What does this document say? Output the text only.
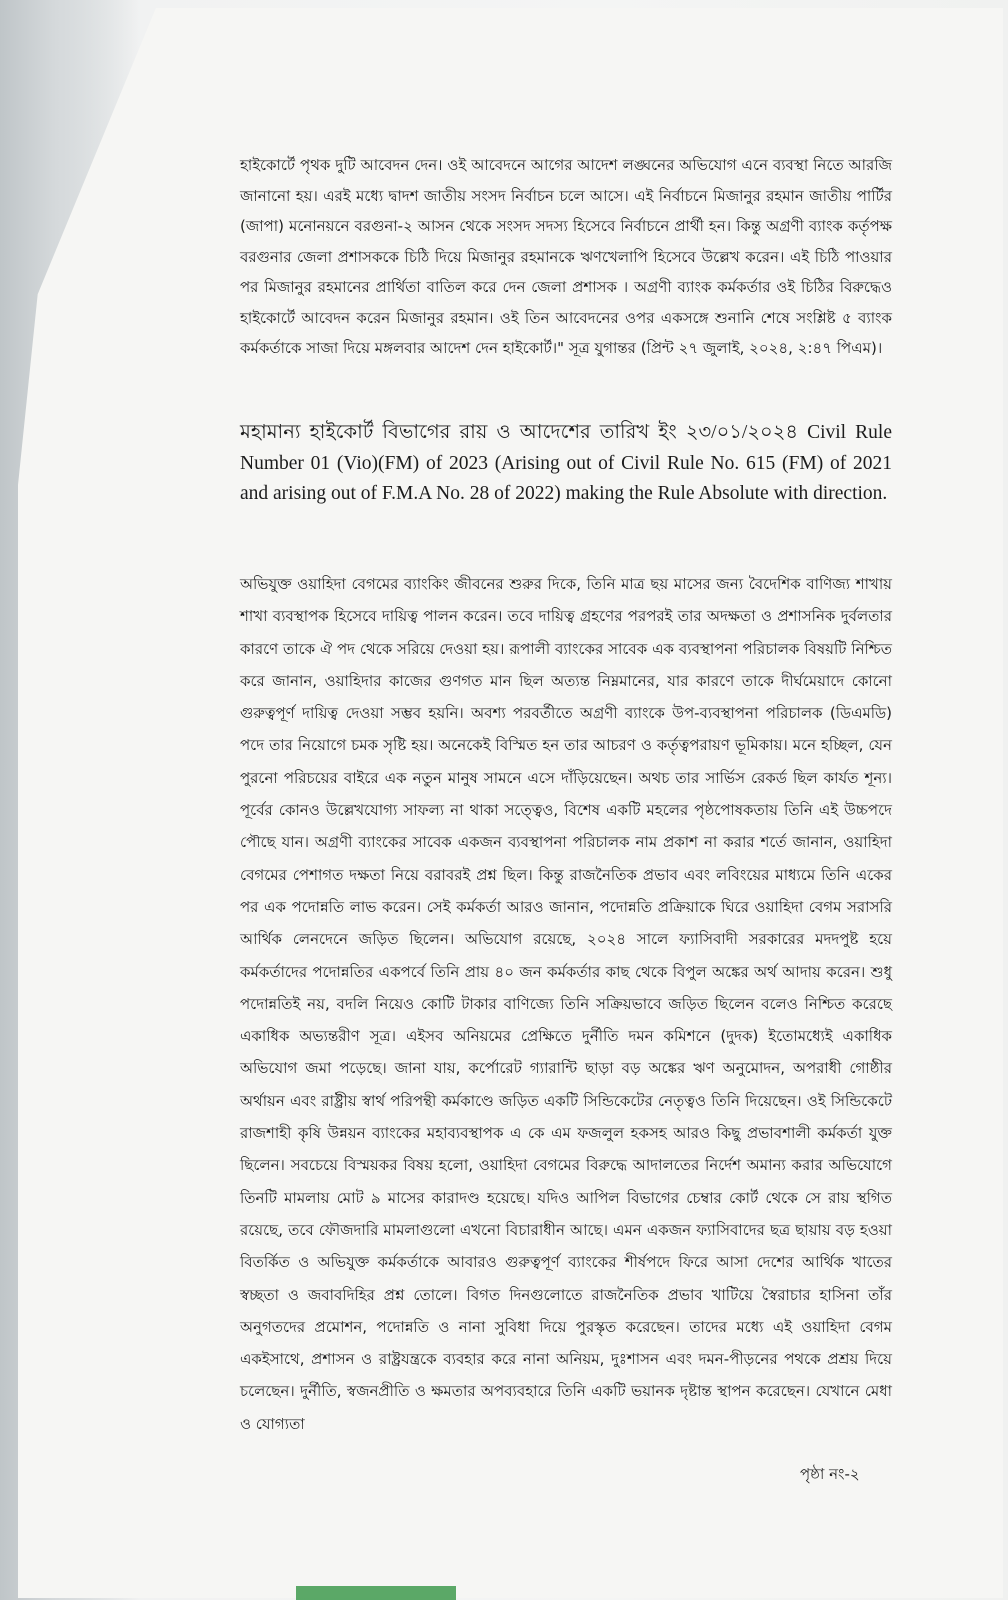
হাইকোর্টে পৃথক দুটি আবেদন দেন। ওই আবেদনে আগের আদেশ লঙ্ঘনের অভিযোগ এনে ব্যবস্থা নিতে আরজি জানানো হয়। এরই মধ্যে দ্বাদশ জাতীয় সংসদ নির্বাচন চলে আসে। এই নির্বাচনে মিজানুর রহমান জাতীয় পার্টির (জাপা) মনোনয়নে বরগুনা-২ আসন থেকে সংসদ সদস্য হিসেবে নির্বাচনে প্রার্থী হন। কিন্তু অগ্রণী ব্যাংক কর্তৃপক্ষ বরগুনার জেলা প্রশাসককে চিঠি দিয়ে মিজানুর রহমানকে ঋণখেলাপি হিসেবে উল্লেখ করেন। এই চিঠি পাওয়ার পর মিজানুর রহমানের প্রার্থিতা বাতিল করে দেন জেলা প্রশাসক । অগ্রণী ব্যাংক কর্মকর্তার ওই চিঠির বিরুদ্ধেও হাইকোর্টে আবেদন করেন মিজানুর রহমান। ওই তিন আবেদনের ওপর একসঙ্গে শুনানি শেষে সংশ্লিষ্ট ৫ ব্যাংক কর্মকর্তাকে সাজা দিয়ে মঙ্গলবার আদেশ দেন হাইকোর্ট।" সূত্র যুগান্তর (প্রিন্ট ২৭ জুলাই, ২০২৪, ২:৪৭ পিএম)।

মহামান্য হাইকোর্ট বিভাগের রায় ও আদেশের তারিখ ইং ২৩/০১/২০২৪ Civil Rule Number 01 (Vio)(FM) of 2023 (Arising out of Civil Rule No. 615 (FM) of 2021 and arising out of F.M.A No. 28 of 2022) making the Rule Absolute with direction.

অভিযুক্ত ওয়াহিদা বেগমের ব্যাংকিং জীবনের শুরুর দিকে, তিনি মাত্র ছয় মাসের জন্য বৈদেশিক বাণিজ্য শাখায় শাখা ব্যবস্থাপক হিসেবে দায়িত্ব পালন করেন। তবে দায়িত্ব গ্রহণের পরপরই তার অদক্ষতা ও প্রশাসনিক দুর্বলতার কারণে তাকে ঐ পদ থেকে সরিয়ে দেওয়া হয়। রূপালী ব্যাংকের সাবেক এক ব্যবস্থাপনা পরিচালক বিষয়টি নিশ্চিত করে জানান, ওয়াহিদার কাজের গুণগত মান ছিল অত্যন্ত নিম্নমানের, যার কারণে তাকে দীর্ঘমেয়াদে কোনো গুরুত্বপূর্ণ দায়িত্ব দেওয়া সম্ভব হয়নি। অবশ্য পরবর্তীতে অগ্রণী ব্যাংকে উপ-ব্যবস্থাপনা পরিচালক (ডিএমডি) পদে তার নিয়োগে চমক সৃষ্টি হয়। অনেকেই বিস্মিত হন তার আচরণ ও কর্তৃত্বপরায়ণ ভূমিকায়। মনে হচ্ছিল, যেন পুরনো পরিচয়ের বাইরে এক নতুন মানুষ সামনে এসে দাঁড়িয়েছেন। অথচ তার সার্ভিস রেকর্ড ছিল কার্যত শূন্য। পূর্বের কোনও উল্লেখযোগ্য সাফল্য না থাকা সত্ত্বেও, বিশেষ একটি মহলের পৃষ্ঠপোষকতায় তিনি এই উচ্চপদে পৌছে যান। অগ্রণী ব্যাংকের সাবেক একজন ব্যবস্থাপনা পরিচালক নাম প্রকাশ না করার শর্তে জানান, ওয়াহিদা বেগমের পেশাগত দক্ষতা নিয়ে বরাবরই প্রশ্ন ছিল। কিন্তু রাজনৈতিক প্রভাব এবং লবিংয়ের মাধ্যমে তিনি একের পর এক পদোন্নতি লাভ করেন। সেই কর্মকর্তা আরও জানান, পদোন্নতি প্রক্রিয়াকে ঘিরে ওয়াহিদা বেগম সরাসরি আর্থিক লেনদেনে জড়িত ছিলেন। অভিযোগ রয়েছে, ২০২৪ সালে ফ্যাসিবাদী সরকারের মদদপুষ্ট হয়ে কর্মকর্তাদের পদোন্নতির একপর্বে তিনি প্রায় ৪০ জন কর্মকর্তার কাছ থেকে বিপুল অঙ্কের অর্থ আদায় করেন। শুধু পদোন্নতিই নয়, বদলি নিয়েও কোটি টাকার বাণিজ্যে তিনি সক্রিয়ভাবে জড়িত ছিলেন বলেও নিশ্চিত করেছে একাধিক অভ্যন্তরীণ সূত্র। এইসব অনিয়মের প্রেক্ষিতে দুর্নীতি দমন কমিশনে (দুদক) ইতোমধ্যেই একাধিক অভিযোগ জমা পড়েছে। জানা যায়, কর্পোরেট গ্যারান্টি ছাড়া বড় অঙ্কের ঋণ অনুমোদন, অপরাধী গোষ্ঠীর অর্থায়ন এবং রাষ্ট্রীয় স্বার্থ পরিপন্থী কর্মকাণ্ডে জড়িত একটি সিন্ডিকেটের নেতৃত্বও তিনি দিয়েছেন। ওই সিন্ডিকেটে রাজশাহী কৃষি উন্নয়ন ব্যাংকের মহাব্যবস্থাপক এ কে এম ফজলুল হকসহ আরও কিছু প্রভাবশালী কর্মকর্তা যুক্ত ছিলেন। সবচেয়ে বিস্ময়কর বিষয় হলো, ওয়াহিদা বেগমের বিরুদ্ধে আদালতের নির্দেশ অমান্য করার অভিযোগে তিনটি মামলায় মোট ৯ মাসের কারাদণ্ড হয়েছে। যদিও আপিল বিভাগের চেম্বার কোর্ট থেকে সে রায় স্থগিত রয়েছে, তবে ফৌজদারি মামলাগুলো এখনো বিচারাধীন আছে। এমন একজন ফ্যাসিবাদের ছত্র ছায়ায় বড় হওয়া বিতর্কিত ও অভিযুক্ত কর্মকর্তাকে আবারও গুরুত্বপূর্ণ ব্যাংকের শীর্ষপদে ফিরে আসা দেশের আর্থিক খাতের স্বচ্ছতা ও জবাবদিহির প্রশ্ন তোলে। বিগত দিনগুলোতে রাজনৈতিক প্রভাব খাটিয়ে স্বৈরাচার হাসিনা তাঁর অনুগতদের প্রমোশন, পদোন্নতি ও নানা সুবিধা দিয়ে পুরস্কৃত করেছেন। তাদের মধ্যে এই ওয়াহিদা বেগম একইসাথে, প্রশাসন ও রাষ্ট্রযন্ত্রকে ব্যবহার করে নানা অনিয়ম, দুঃশাসন এবং দমন-পীড়নের পথকে প্রশ্রয় দিয়ে চলেছেন। দুর্নীতি, স্বজনপ্রীতি ও ক্ষমতার অপব্যবহারে তিনি একটি ভয়ানক দৃষ্টান্ত স্থাপন করেছেন। যেখানে মেধা ও যোগ্যতা

পৃষ্ঠা নং-২
